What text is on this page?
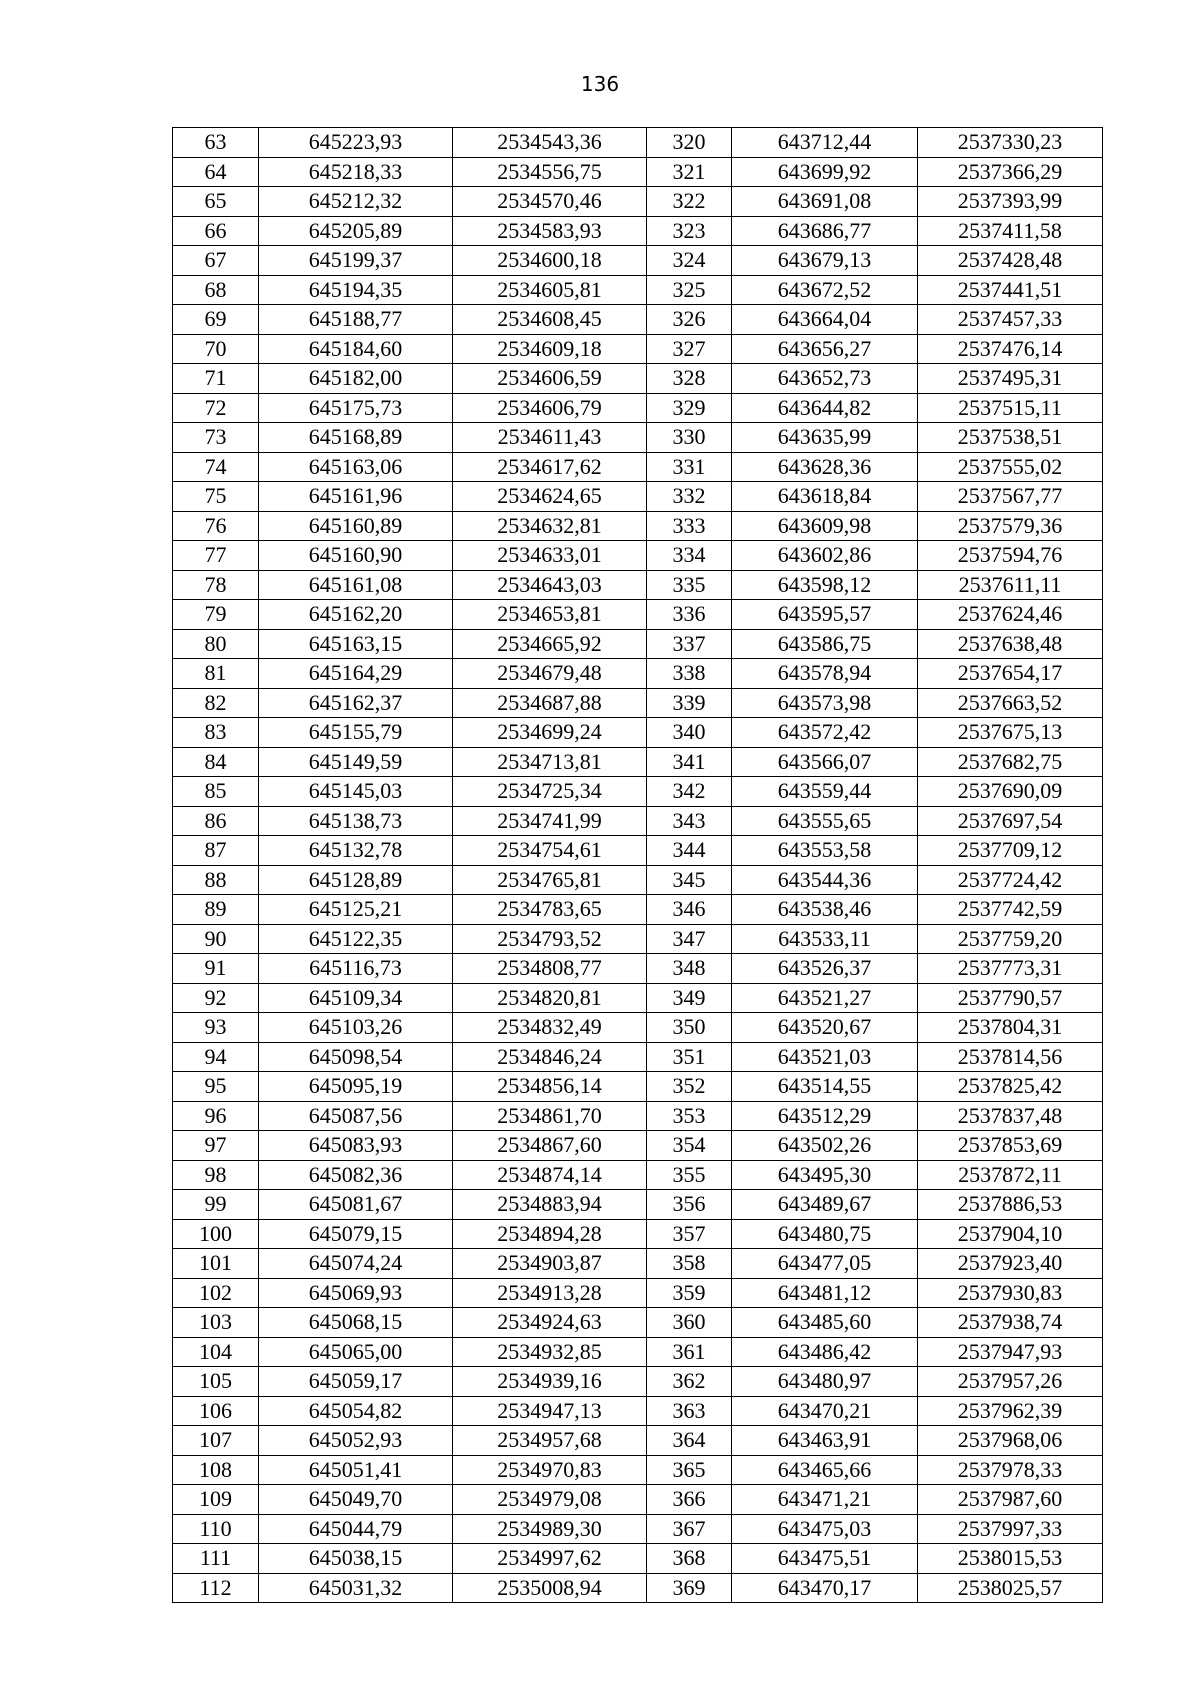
136
63	645223,93	2534543,36	320	643712,44	2537330,23
64	645218,33	2534556,75	321	643699,92	2537366,29
65	645212,32	2534570,46	322	643691,08	2537393,99
66	645205,89	2534583,93	323	643686,77	2537411,58
67	645199,37	2534600,18	324	643679,13	2537428,48
68	645194,35	2534605,81	325	643672,52	2537441,51
69	645188,77	2534608,45	326	643664,04	2537457,33
70	645184,60	2534609,18	327	643656,27	2537476,14
71	645182,00	2534606,59	328	643652,73	2537495,31
72	645175,73	2534606,79	329	643644,82	2537515,11
73	645168,89	2534611,43	330	643635,99	2537538,51
74	645163,06	2534617,62	331	643628,36	2537555,02
75	645161,96	2534624,65	332	643618,84	2537567,77
76	645160,89	2534632,81	333	643609,98	2537579,36
77	645160,90	2534633,01	334	643602,86	2537594,76
78	645161,08	2534643,03	335	643598,12	2537611,11
79	645162,20	2534653,81	336	643595,57	2537624,46
80	645163,15	2534665,92	337	643586,75	2537638,48
81	645164,29	2534679,48	338	643578,94	2537654,17
82	645162,37	2534687,88	339	643573,98	2537663,52
83	645155,79	2534699,24	340	643572,42	2537675,13
84	645149,59	2534713,81	341	643566,07	2537682,75
85	645145,03	2534725,34	342	643559,44	2537690,09
86	645138,73	2534741,99	343	643555,65	2537697,54
87	645132,78	2534754,61	344	643553,58	2537709,12
88	645128,89	2534765,81	345	643544,36	2537724,42
89	645125,21	2534783,65	346	643538,46	2537742,59
90	645122,35	2534793,52	347	643533,11	2537759,20
91	645116,73	2534808,77	348	643526,37	2537773,31
92	645109,34	2534820,81	349	643521,27	2537790,57
93	645103,26	2534832,49	350	643520,67	2537804,31
94	645098,54	2534846,24	351	643521,03	2537814,56
95	645095,19	2534856,14	352	643514,55	2537825,42
96	645087,56	2534861,70	353	643512,29	2537837,48
97	645083,93	2534867,60	354	643502,26	2537853,69
98	645082,36	2534874,14	355	643495,30	2537872,11
99	645081,67	2534883,94	356	643489,67	2537886,53
100	645079,15	2534894,28	357	643480,75	2537904,10
101	645074,24	2534903,87	358	643477,05	2537923,40
102	645069,93	2534913,28	359	643481,12	2537930,83
103	645068,15	2534924,63	360	643485,60	2537938,74
104	645065,00	2534932,85	361	643486,42	2537947,93
105	645059,17	2534939,16	362	643480,97	2537957,26
106	645054,82	2534947,13	363	643470,21	2537962,39
107	645052,93	2534957,68	364	643463,91	2537968,06
108	645051,41	2534970,83	365	643465,66	2537978,33
109	645049,70	2534979,08	366	643471,21	2537987,60
110	645044,79	2534989,30	367	643475,03	2537997,33
111	645038,15	2534997,62	368	643475,51	2538015,53
112	645031,32	2535008,94	369	643470,17	2538025,57
